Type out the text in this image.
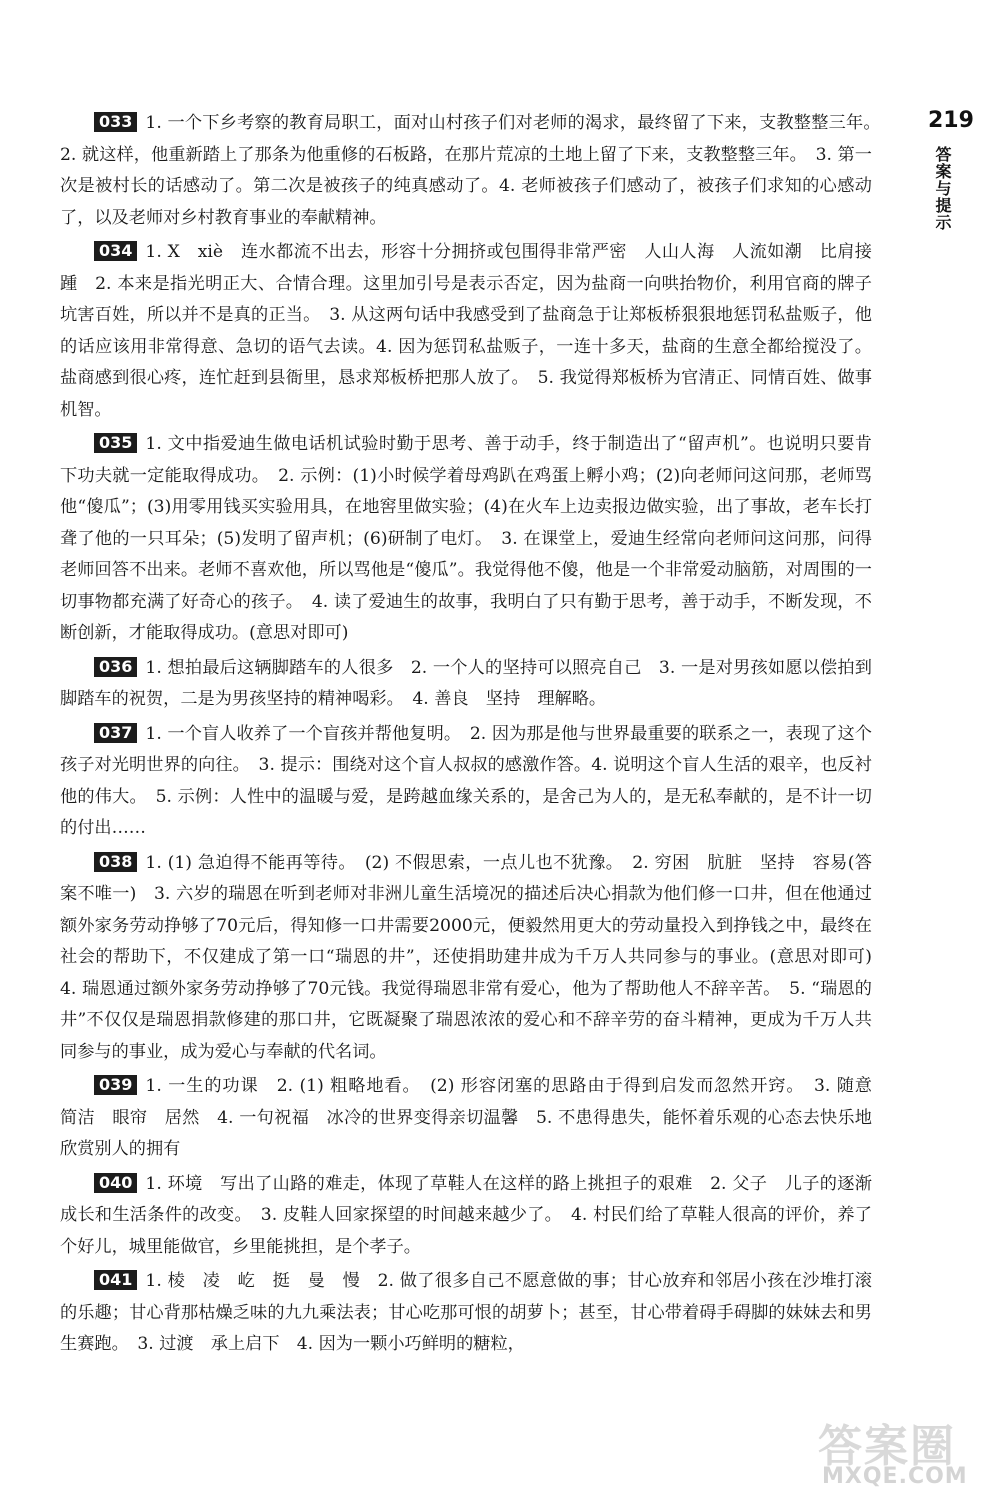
219
答案与提示

033 1. 一个下乡考察的教育局职工，面对山村孩子们对老师的渴求，最终留了下来，支教整整三年。　2. 就这样，他重新踏上了那条为他重修的石板路，在那片荒凉的土地上留了下来，支教整整三年。　3. 第一次是被村长的话感动了。第二次是被孩子的纯真感动了。4. 老师被孩子们感动了，被孩子们求知的心感动了，以及老师对乡村教育事业的奉献精神。

034 1. X　xiè　连水都流不出去，形容十分拥挤或包围得非常严密　人山人海　人流如潮　比肩接踵　2. 本来是指光明正大、合情合理。这里加引号是表示否定，因为盐商一向哄抬物价，利用官商的牌子坑害百姓，所以并不是真的正当。　3. 从这两句话中我感受到了盐商急于让郑板桥狠狠地惩罚私盐贩子，他的话应该用非常得意、急切的语气去读。4. 因为惩罚私盐贩子，一连十多天，盐商的生意全都给搅没了。盐商感到很心疼，连忙赶到县衙里，恳求郑板桥把那人放了。　5. 我觉得郑板桥为官清正、同情百姓、做事机智。

035 1. 文中指爱迪生做电话机试验时勤于思考、善于动手，终于制造出了“留声机”。也说明只要肯下功夫就一定能取得成功。　2. 示例：(1)小时候学着母鸡趴在鸡蛋上孵小鸡；(2)向老师问这问那，老师骂他“傻瓜”；(3)用零用钱买实验用具，在地窖里做实验；(4)在火车上边卖报边做实验，出了事故，老车长打聋了他的一只耳朵；(5)发明了留声机；(6)研制了电灯。　3. 在课堂上，爱迪生经常向老师问这问那，问得老师回答不出来。老师不喜欢他，所以骂他是“傻瓜”。我觉得他不傻，他是一个非常爱动脑筋，对周围的一切事物都充满了好奇心的孩子。　4. 读了爱迪生的故事，我明白了只有勤于思考，善于动手，不断发现，不断创新，才能取得成功。(意思对即可)

036 1. 想拍最后这辆脚踏车的人很多　2. 一个人的坚持可以照亮自己　3. 一是对男孩如愿以偿拍到脚踏车的祝贺，二是为男孩坚持的精神喝彩。　4. 善良　坚持　理解略。

037 1. 一个盲人收养了一个盲孩并帮他复明。　2. 因为那是他与世界最重要的联系之一，表现了这个孩子对光明世界的向往。　3. 提示：围绕对这个盲人叔叔的感激作答。4. 说明这个盲人生活的艰辛，也反衬他的伟大。　5. 示例：人性中的温暖与爱，是跨越血缘关系的，是舍己为人的，是无私奉献的，是不计一切的付出……

038 1. (1) 急迫得不能再等待。　(2) 不假思索，一点儿也不犹豫。　2. 穷困　肮脏　坚持　容易(答案不唯一)　3. 六岁的瑞恩在听到老师对非洲儿童生活境况的描述后决心捐款为他们修一口井，但在他通过额外家务劳动挣够了70元后，得知修一口井需要2000元，便毅然用更大的劳动量投入到挣钱之中，最终在社会的帮助下，不仅建成了第一口“瑞恩的井”，还使捐助建井成为千万人共同参与的事业。(意思对即可)　4. 瑞恩通过额外家务劳动挣够了70元钱。我觉得瑞恩非常有爱心，他为了帮助他人不辞辛苦。　5. “瑞恩的井”不仅仅是瑞恩捐款修建的那口井，它既凝聚了瑞恩浓浓的爱心和不辞辛劳的奋斗精神，更成为千万人共同参与的事业，成为爱心与奉献的代名词。

039 1. 一生的功课　2. (1) 粗略地看。　(2) 形容闭塞的思路由于得到启发而忽然开窍。　3. 随意　简洁　眼帘　居然　4. 一句祝福　冰冷的世界变得亲切温馨　5. 不患得患失，能怀着乐观的心态去快乐地欣赏别人的拥有

040 1. 环境　写出了山路的难走，体现了草鞋人在这样的路上挑担子的艰难　2. 父子　儿子的逐渐成长和生活条件的改变。　3. 皮鞋人回家探望的时间越来越少了。　4. 村民们给了草鞋人很高的评价，养了个好儿，城里能做官，乡里能挑担，是个孝子。

041 1. 棱　凌　屹　挺　曼　慢　2. 做了很多自己不愿意做的事；甘心放弃和邻居小孩在沙堆打滚的乐趣；甘心背那枯燥乏味的九九乘法表；甘心吃那可恨的胡萝卜；甚至，甘心带着碍手碍脚的妹妹去和男生赛跑。　3. 过渡　承上启下　4. 因为一颗小巧鲜明的糖粒，

答案圈
MXQE.COM
